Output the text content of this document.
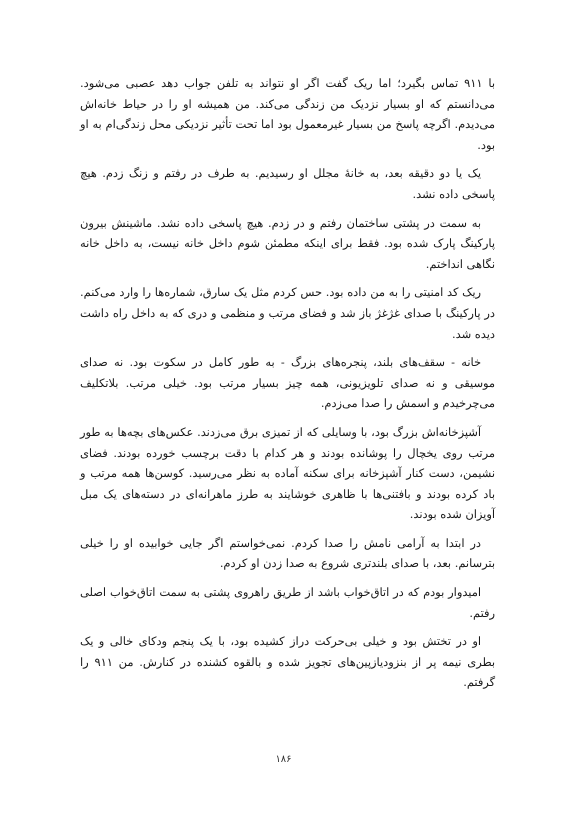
با ۹۱۱ تماس بگیرد؛ اما ریک گفت اگر او نتواند به تلفن جواب دهد عصبی می‌شود. می‌دانستم که او بسیار نزدیک من زندگی می‌کند. من همیشه او را در حیاط خانه‌اش می‌دیدم. اگرچه پاسخ من بسیار غیرمعمول بود اما تحت تأثیر نزدیکی محل زندگی‌ام به او بود.

یک یا دو دقیقه بعد، به خانهٔ مجلل او رسیدیم. به طرف در رفتم و زنگ زدم. هیچ پاسخی داده نشد.

به سمت در پشتی ساختمان رفتم و در زدم. هیچ پاسخی داده نشد. ماشینش بیرون پارکینگ پارک شده بود. فقط برای اینکه مطمئن شوم داخل خانه نیست، به داخل خانه نگاهی انداختم.

ریک کد امنیتی را به من داده بود. حس کردم مثل یک سارق، شماره‌ها را وارد می‌کنم. در پارکینگ با صدای غژغژ باز شد و فضای مرتب و منظمی و دری که به داخل راه داشت دیده شد.

خانه - سقف‌های بلند، پنجره‌های بزرگ - به طور کامل در سکوت بود. نه صدای موسیقی و نه صدای تلویزیونی، همه چیز بسیار مرتب بود. خیلی مرتب. بلاتکلیف می‌چرخیدم و اسمش را صدا می‌زدم.

آشپزخانه‌اش بزرگ بود، با وسایلی که از تمیزی برق می‌زدند. عکس‌های بچه‌ها به طور مرتب روی یخچال را پوشانده بودند و هر کدام با دقت برچسب خورده بودند. فضای نشیمن، دست کنار آشپزخانه برای سکنه آماده به نظر می‌رسید. کوسن‌ها همه مرتب و باد کرده بودند و بافتنی‌ها با ظاهری خوشایند به طرز ماهرانه‌ای در دسته‌های یک مبل آویزان شده بودند.

در ابتدا به آرامی نامش را صدا کردم. نمی‌خواستم اگر جایی خوابیده او را خیلی بترسانم. بعد، با صدای بلندتری شروع به صدا زدن او کردم.

امیدوار بودم که در اتاق‌خواب باشد از طریق راهروی پشتی به سمت اتاق‌خواب اصلی رفتم.

او در تختش بود و خیلی بی‌حرکت دراز کشیده بود، با یک پنجم ودکای خالی و یک بطری نیمه پر از بنزودیازپین‌های تجویز شده و بالقوه کشنده در کنارش. من ۹۱۱ را گرفتم.

۱۸۶
